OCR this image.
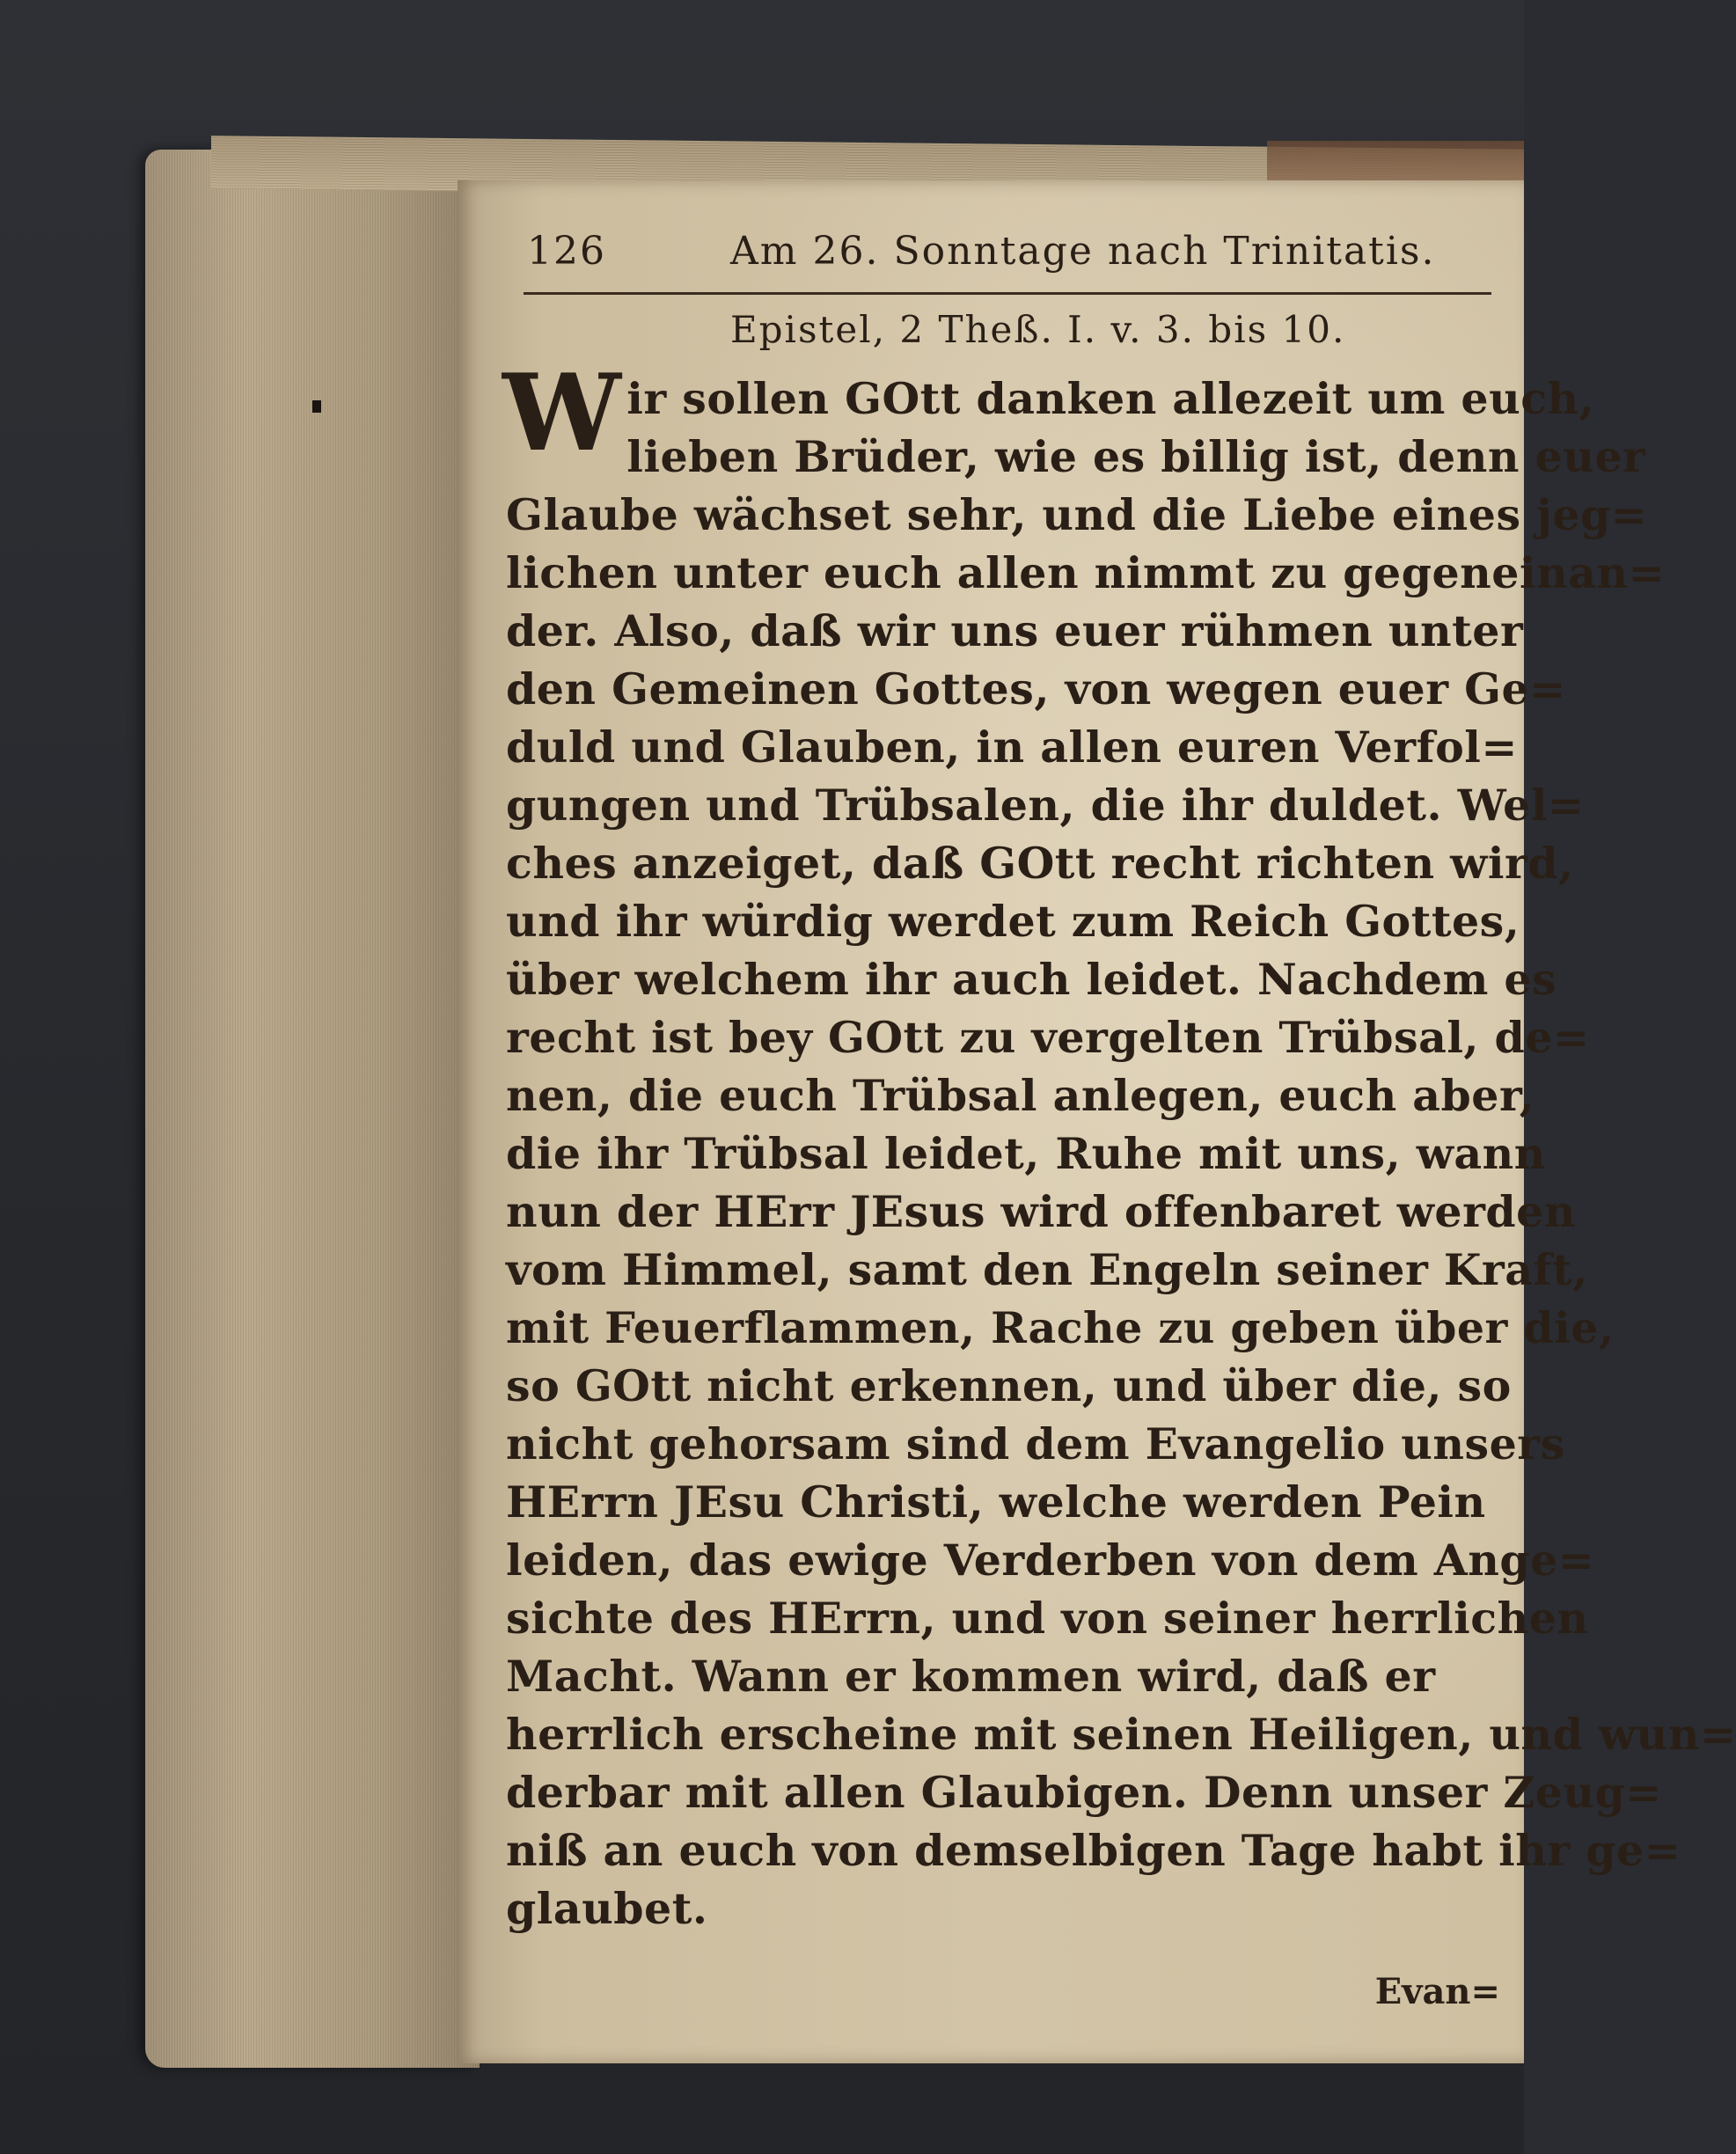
126	Am 26. Sonntage nach Trinitatis.
Epistel, 2 Theß. I. v. 3. bis 10.
W ir sollen GOtt danken allezeit um euch,
lieben Brüder, wie es billig ist, denn euer
Glaube wächset sehr, und die Liebe eines jeg=
lichen unter euch allen nimmt zu gegeneinan=
der. Also, daß wir uns euer rühmen unter
den Gemeinen Gottes, von wegen euer Ge=
duld und Glauben, in allen euren Verfol=
gungen und Trübsalen, die ihr duldet. Wel=
ches anzeiget, daß GOtt recht richten wird,
und ihr würdig werdet zum Reich Gottes,
über welchem ihr auch leidet. Nachdem es
recht ist bey GOtt zu vergelten Trübsal, de=
nen, die euch Trübsal anlegen, euch aber,
die ihr Trübsal leidet, Ruhe mit uns, wann
nun der HErr JEsus wird offenbaret werden
vom Himmel, samt den Engeln seiner Kraft,
mit Feuerflammen, Rache zu geben über die,
so GOtt nicht erkennen, und über die, so
nicht gehorsam sind dem Evangelio unsers
HErrn JEsu Christi, welche werden Pein
leiden, das ewige Verderben von dem Ange=
sichte des HErrn, und von seiner herrlichen
Macht. Wann er kommen wird, daß er
herrlich erscheine mit seinen Heiligen, und wun=
derbar mit allen Glaubigen. Denn unser Zeug=
niß an euch von demselbigen Tage habt ihr ge=
glaubet.
Evan=
